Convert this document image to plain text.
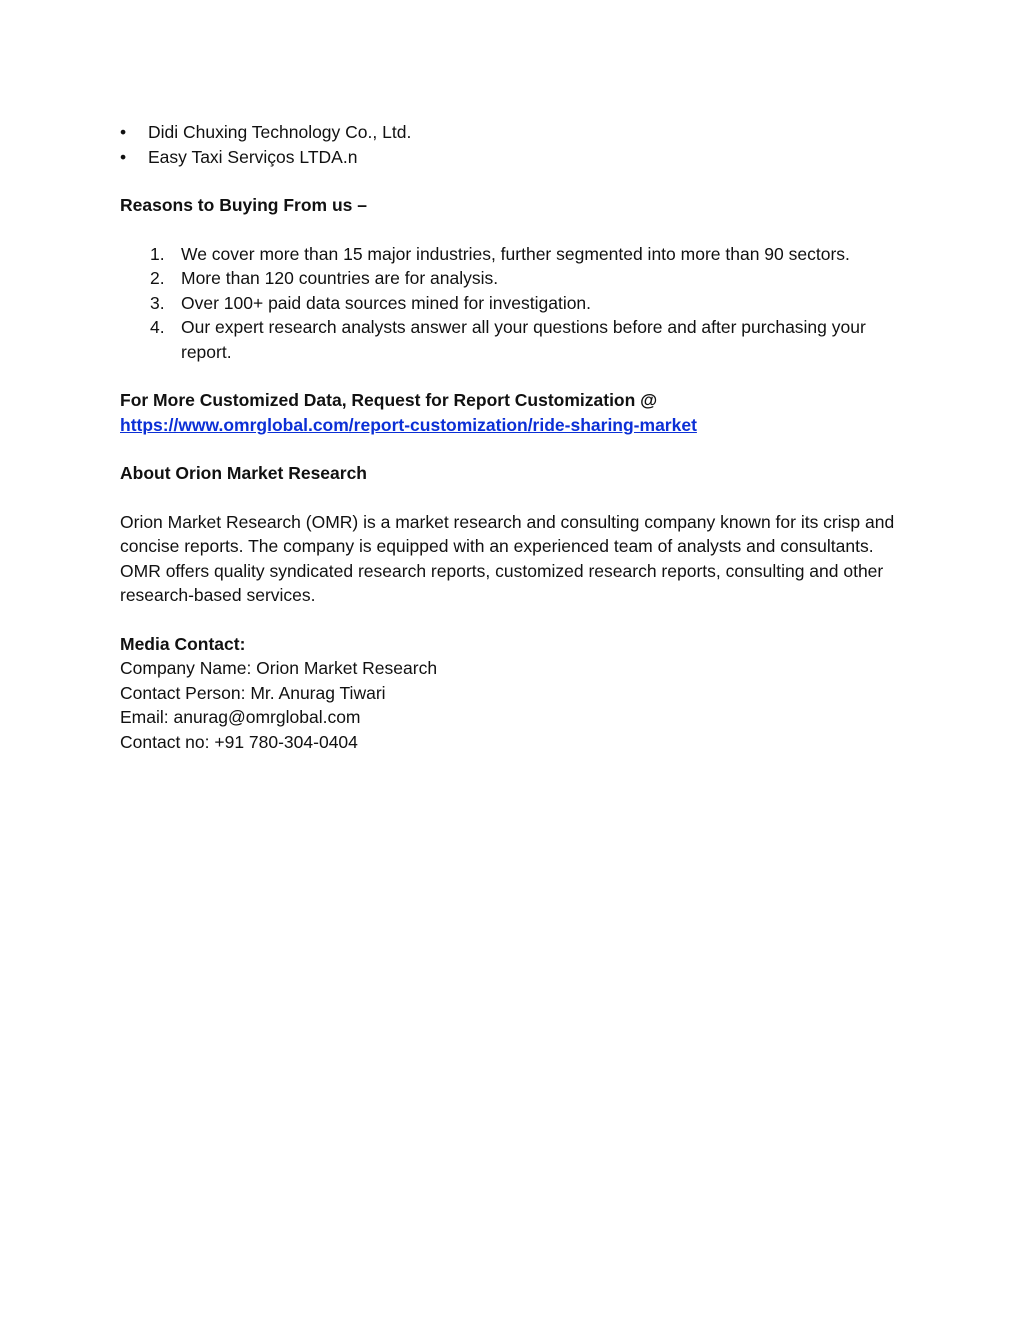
•	Didi Chuxing Technology Co., Ltd.
•	Easy Taxi Serviços LTDA.n

Reasons to Buying From us –

1. We cover more than 15 major industries, further segmented into more than 90 sectors.
2. More than 120 countries are for analysis.
3. Over 100+ paid data sources mined for investigation.
4. Our expert research analysts answer all your questions before and after purchasing your report.

For More Customized Data, Request for Report Customization @

https://www.omrglobal.com/report-customization/ride-sharing-market

About Orion Market Research

Orion Market Research (OMR) is a market research and consulting company known for its crisp and concise reports. The company is equipped with an experienced team of analysts and consultants. OMR offers quality syndicated research reports, customized research reports, consulting and other research-based services.

Media Contact:

Company Name: Orion Market Research

Contact Person: Mr. Anurag Tiwari

Email: anurag@omrglobal.com

Contact no: +91 780-304-0404
